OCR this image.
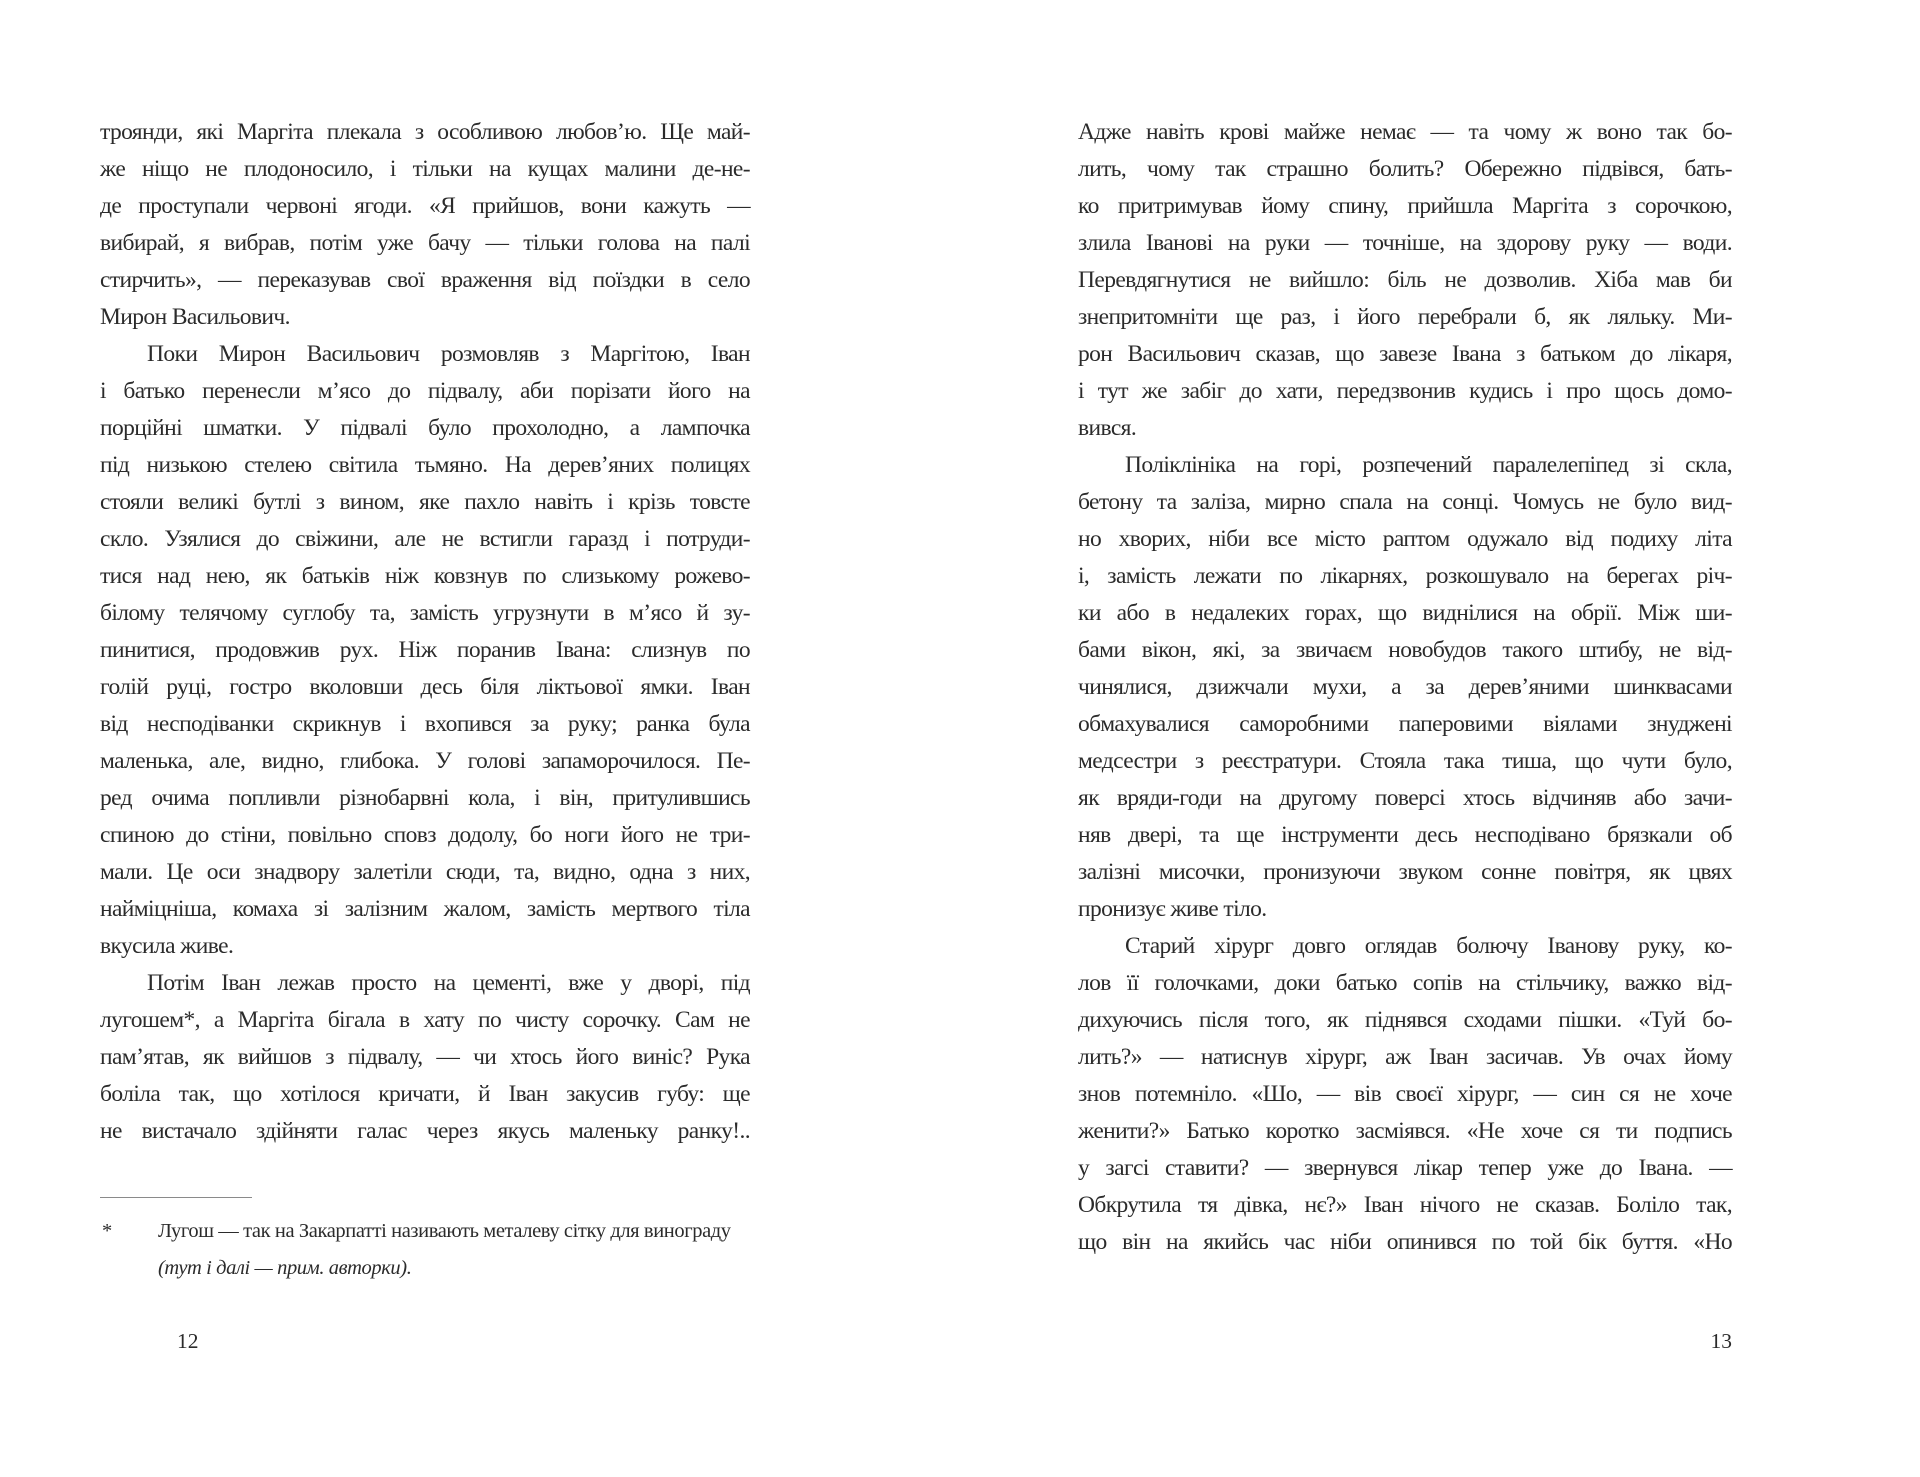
троянди, які Маргіта плекала з особливою любов’ю. Ще май-
же ніщо не плодоносило, і тільки на кущах малини де-не-
де проступали червоні ягоди. «Я прийшов, вони кажуть —
вибирай, я вибрав, потім уже бачу — тільки голова на палі
стирчить», — переказував свої враження від поїздки в село
Мирон Васильович.
Поки Мирон Васильович розмовляв з Маргітою, Іван
і батько перенесли м’ясо до підвалу, аби порізати його на
порційні шматки. У підвалі було прохолодно, а лампочка
під низькою стелею світила тьмяно. На дерев’яних полицях
стояли великі бутлі з вином, яке пахло навіть і крізь товсте
скло. Узялися до свіжини, але не встигли гаразд і потруди-
тися над нею, як батьків ніж ковзнув по слизькому рожево-
білому телячому суглобу та, замість угрузнути в м’ясо й зу-
пинитися, продовжив рух. Ніж поранив Івана: слизнув по
голій руці, гостро вколовши десь біля ліктьової ямки. Іван
від несподіванки скрикнув і вхопився за руку; ранка була
маленька, але, видно, глибока. У голові запаморочилося. Пе-
ред очима попливли різнобарвні кола, і він, притулившись
спиною до стіни, повільно сповз додолу, бо ноги його не три-
мали. Це оси знадвору залетіли сюди, та, видно, одна з них,
найміцніша, комаха зі залізним жалом, замість мертвого тіла
вкусила живе.
Потім Іван лежав просто на цементі, вже у дворі, під
лугошем*, а Маргіта бігала в хату по чисту сорочку. Сам не
пам’ятав, як вийшов з підвалу, — чи хтось його виніс? Рука
боліла так, що хотілося кричати, й Іван закусив губу: ще
не вистачало здійняти галас через якусь маленьку ранку!..
* Лугош — так на Закарпатті називають металеву сітку для винограду
(тут і далі — прим. авторки).
12
Адже навіть крові майже немає — та чому ж воно так бо-
лить, чому так страшно болить? Обережно підвівся, бать-
ко притримував йому спину, прийшла Маргіта з сорочкою,
злила Іванові на руки — точніше, на здорову руку — води.
Перевдягнутися не вийшло: біль не дозволив. Хіба мав би
знепритомніти ще раз, і його перебрали б, як ляльку. Ми-
рон Васильович сказав, що завезе Івана з батьком до лікаря,
і тут же забіг до хати, передзвонив кудись і про щось домо-
вився.
Поліклініка на горі, розпечений паралелепіпед зі скла,
бетону та заліза, мирно спала на сонці. Чомусь не було вид-
но хворих, ніби все місто раптом одужало від подиху літа
і, замість лежати по лікарнях, розкошувало на берегах річ-
ки або в недалеких горах, що виднілися на обрії. Між ши-
бами вікон, які, за звичаєм новобудов такого штибу, не від-
чинялися, дзижчали мухи, а за дерев’яними шинквасами
обмахувалися саморобними паперовими віялами знуджені
медсестри з реєстратури. Стояла така тиша, що чути було,
як вряди-годи на другому поверсі хтось відчиняв або зачи-
няв двері, та ще інструменти десь несподівано брязкали об
залізні мисочки, пронизуючи звуком сонне повітря, як цвях
пронизує живе тіло.
Старий хірург довго оглядав болючу Іванову руку, ко-
лов її голочками, доки батько сопів на стільчику, важко від-
дихуючись після того, як піднявся сходами пішки. «Туй бо-
лить?» — натиснув хірург, аж Іван засичав. Ув очах йому
знов потемніло. «Шо, — вів своєї хірург, — син ся не хоче
женити?» Батько коротко засміявся. «Не хоче ся ти подпись
у загсі ставити? — звернувся лікар тепер уже до Івана. —
Обкрутила тя дівка, нє?» Іван нічого не сказав. Боліло так,
що він на якийсь час ніби опинився по той бік буття. «Но
13
